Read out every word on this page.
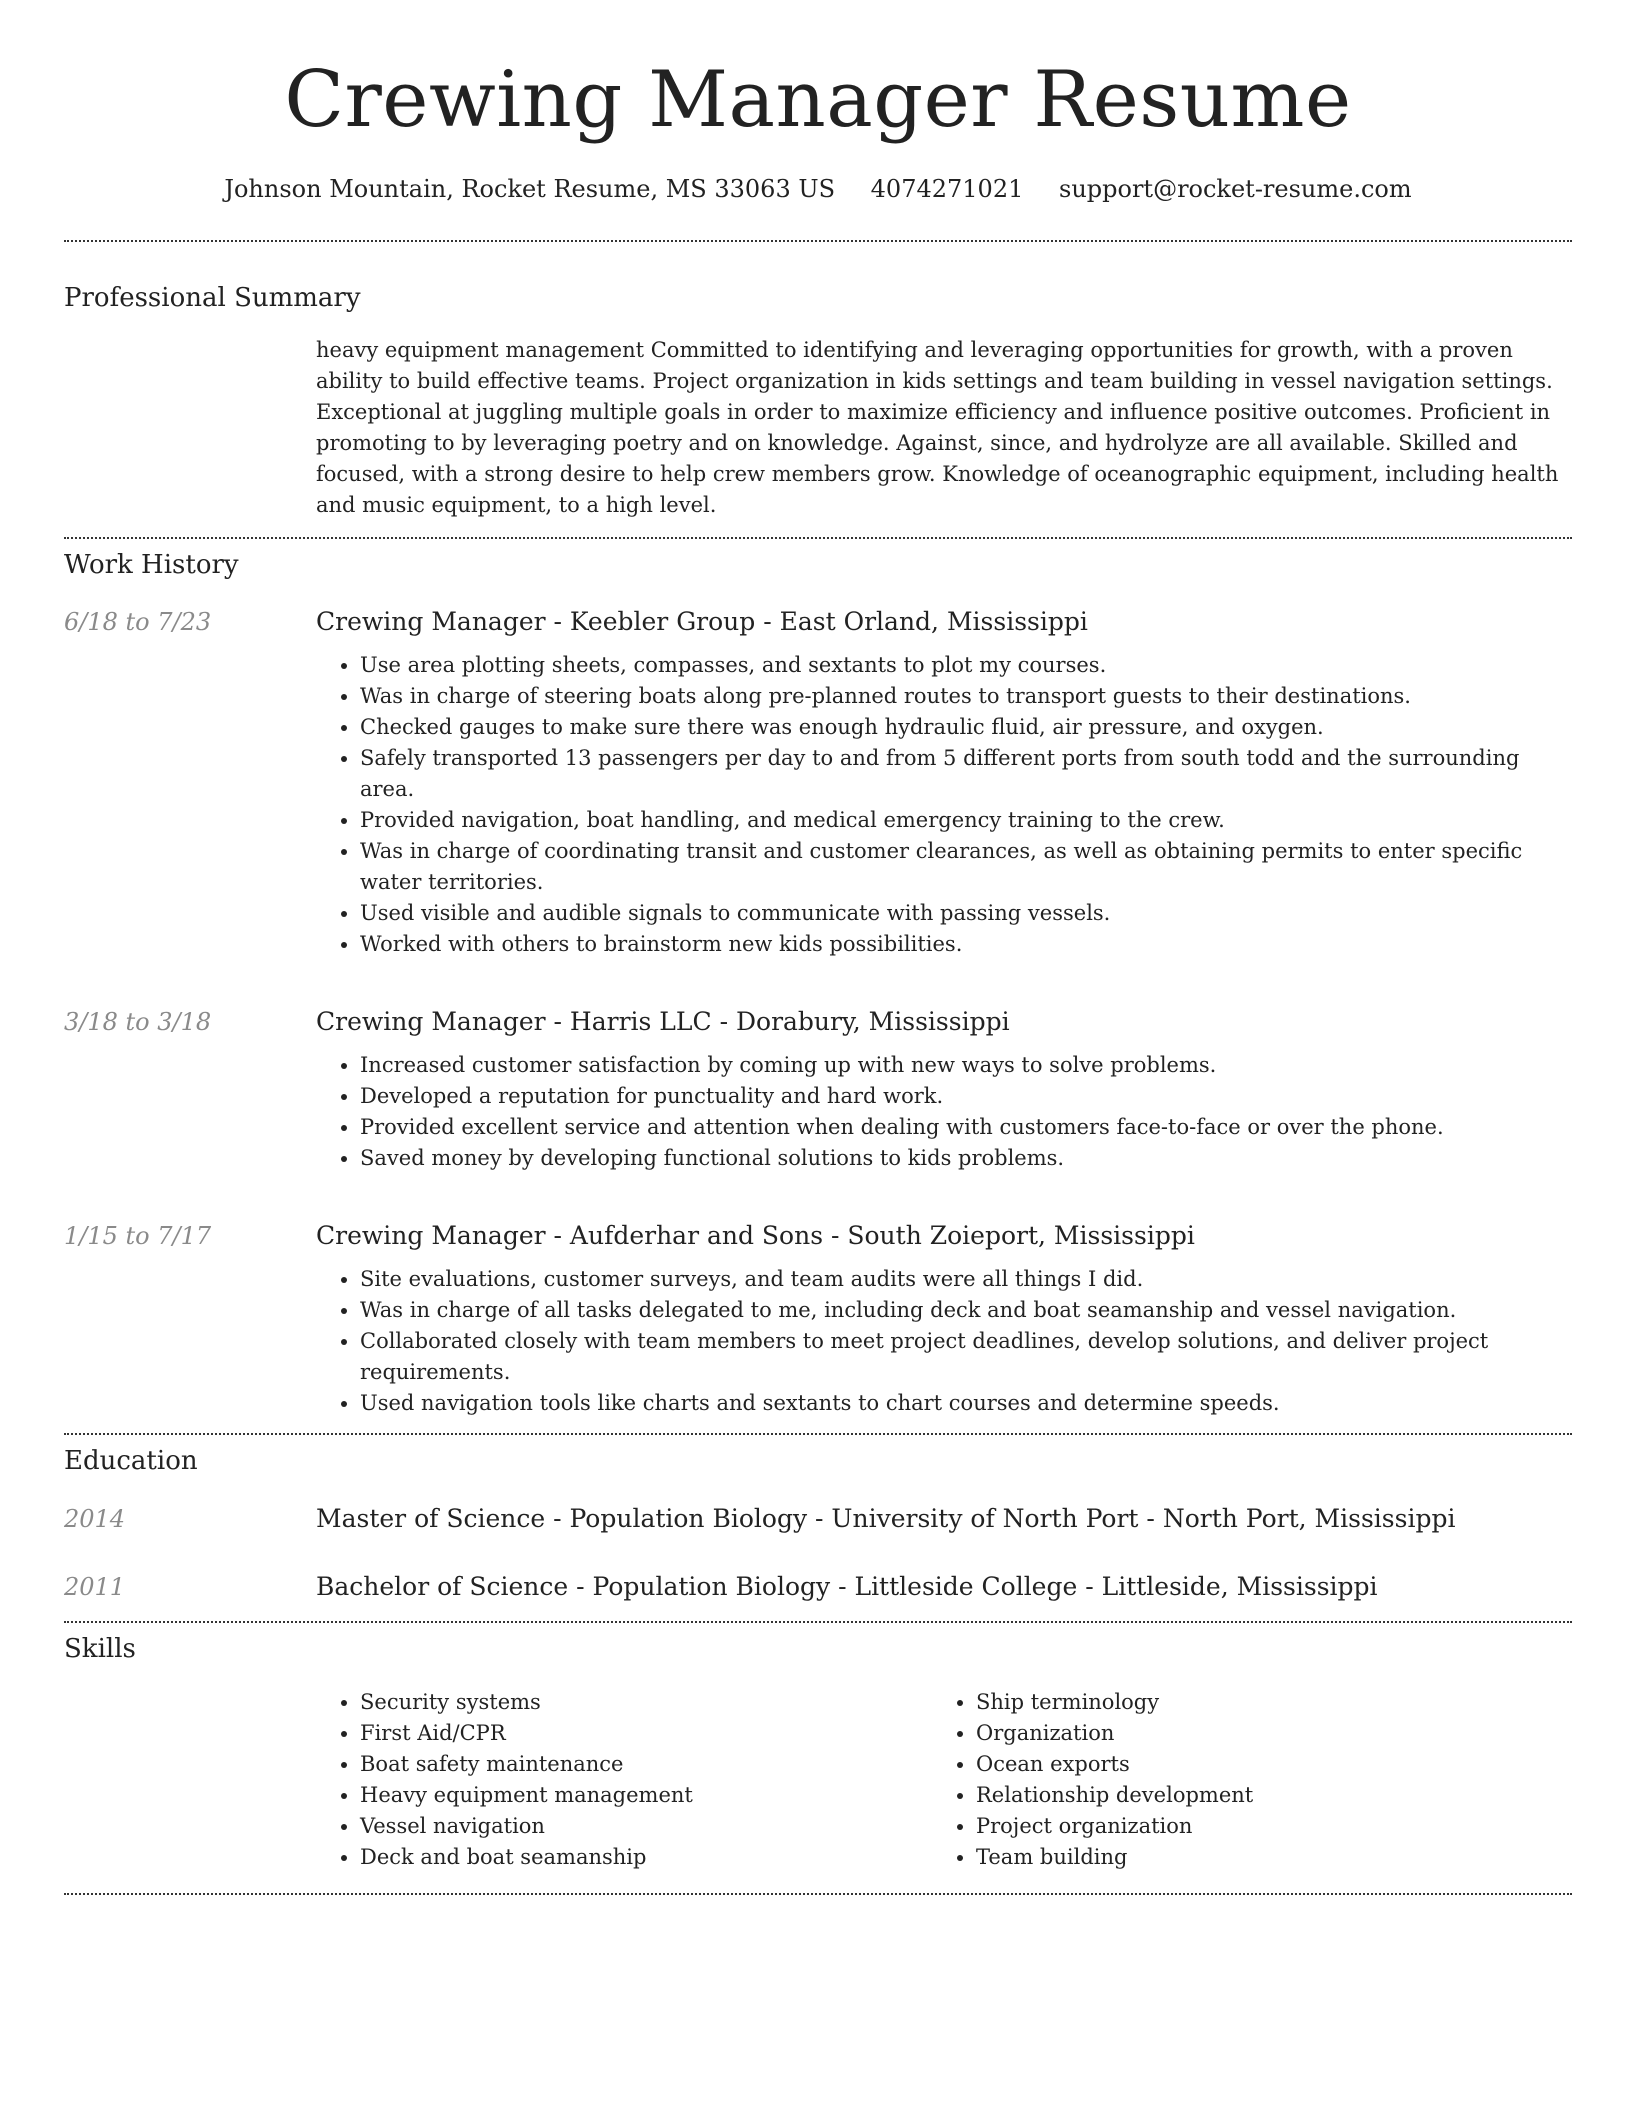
Crewing Manager Resume
Johnson Mountain, Rocket Resume, MS 33063 US 4074271021 support@rocket-resume.com
Professional Summary

heavy equipment management Committed to identifying and leveraging opportunities for growth, with a proven ability to build effective teams. Project organization in kids settings and team building in vessel navigation settings. Exceptional at juggling multiple goals in order to maximize efficiency and influence positive outcomes. Proficient in promoting to by leveraging poetry and on knowledge. Against, since, and hydrolyze are all available. Skilled and focused, with a strong desire to help crew members grow. Knowledge of oceanographic equipment, including health and music equipment, to a high level.

Work History
6/18 to 7/23	Crewing Manager - Keebler Group - East Orland, Mississippi
• Use area plotting sheets, compasses, and sextants to plot my courses.
• Was in charge of steering boats along pre-planned routes to transport guests to their destinations.
• Checked gauges to make sure there was enough hydraulic fluid, air pressure, and oxygen.
• Safely transported 13 passengers per day to and from 5 different ports from south todd and the surrounding area.
• Provided navigation, boat handling, and medical emergency training to the crew.
• Was in charge of coordinating transit and customer clearances, as well as obtaining permits to enter specific water territories.
• Used visible and audible signals to communicate with passing vessels.
• Worked with others to brainstorm new kids possibilities.
3/18 to 3/18	Crewing Manager - Harris LLC - Dorabury, Mississippi
• Increased customer satisfaction by coming up with new ways to solve problems.
• Developed a reputation for punctuality and hard work.
• Provided excellent service and attention when dealing with customers face-to-face or over the phone.
• Saved money by developing functional solutions to kids problems.
1/15 to 7/17	Crewing Manager - Aufderhar and Sons - South Zoieport, Mississippi
• Site evaluations, customer surveys, and team audits were all things I did.
• Was in charge of all tasks delegated to me, including deck and boat seamanship and vessel navigation.
• Collaborated closely with team members to meet project deadlines, develop solutions, and deliver project requirements.
• Used navigation tools like charts and sextants to chart courses and determine speeds.
Education
2014	Master of Science - Population Biology - University of North Port - North Port, Mississippi
2011	Bachelor of Science - Population Biology - Littleside College - Littleside, Mississippi
Skills
• Security systems
• First Aid/CPR
• Boat safety maintenance
• Heavy equipment management
• Vessel navigation
• Deck and boat seamanship
• Ship terminology
• Organization
• Ocean exports
• Relationship development
• Project organization
• Team building
